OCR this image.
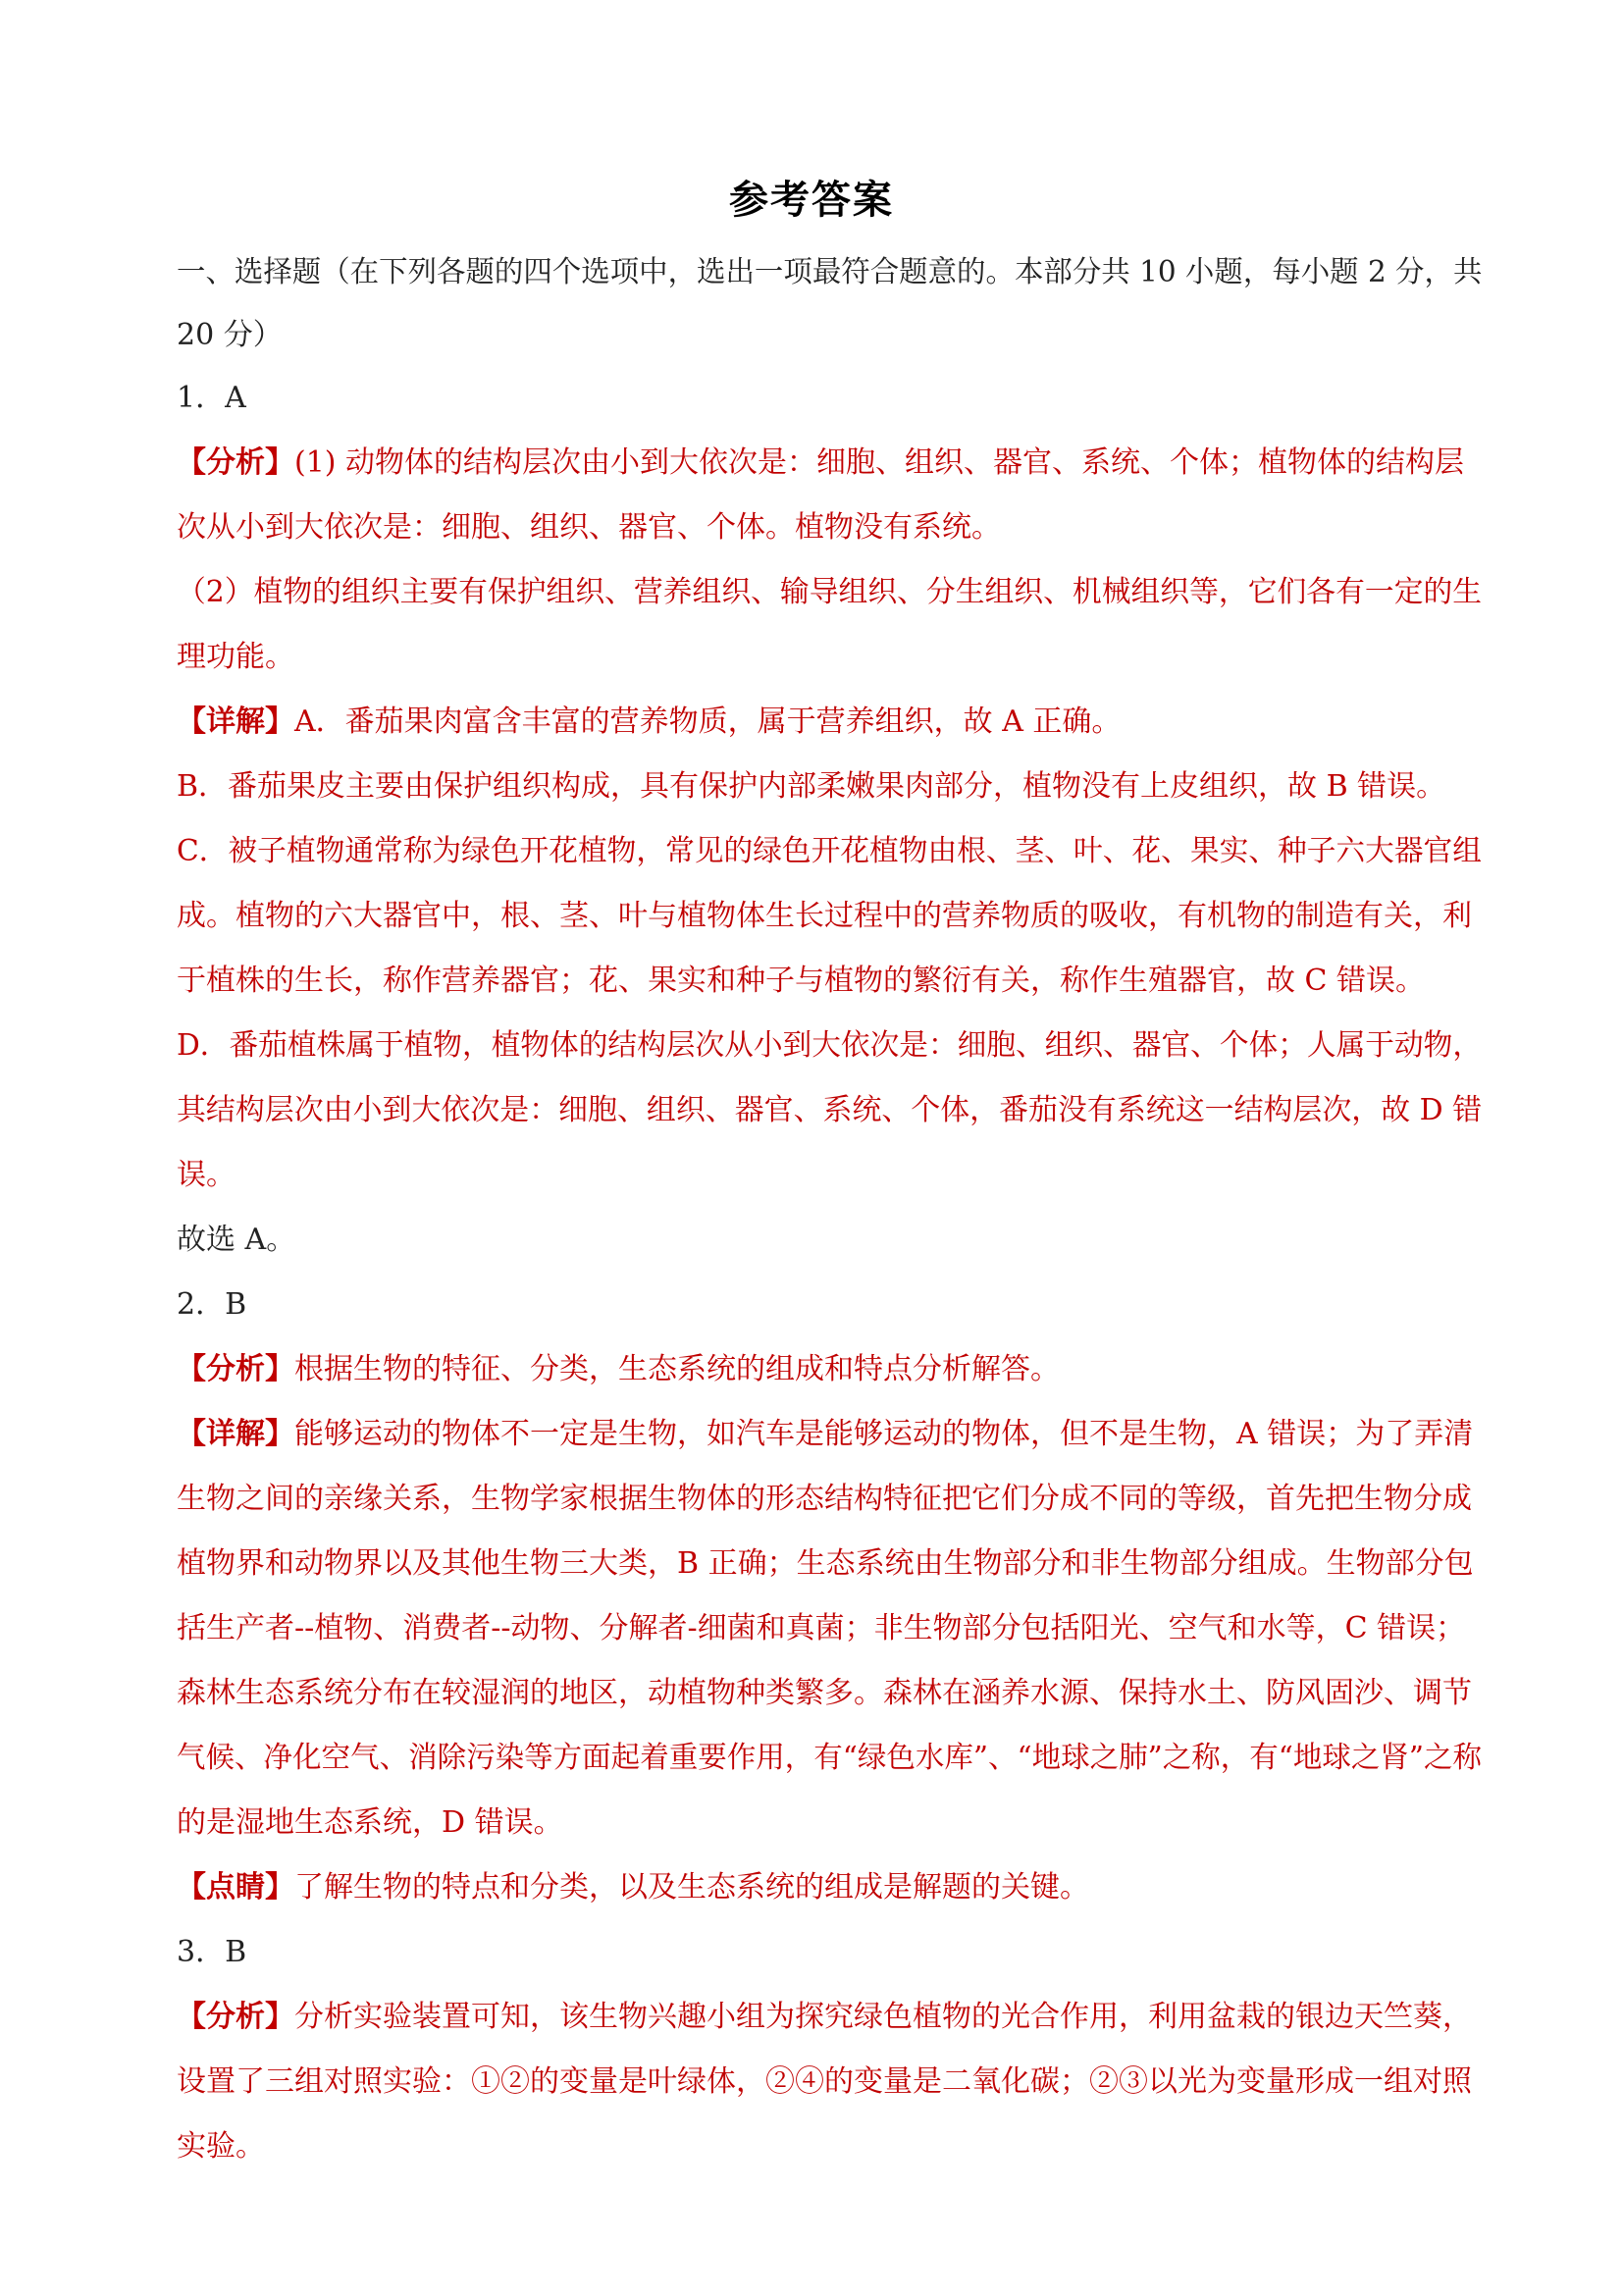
参考答案
一、选择题（在下列各题的四个选项中，选出一项最符合题意的。本部分共 10 小题，每小题 2 分，共
20 分）
1．A
【分析】(1) 动物体的结构层次由小到大依次是：细胞、组织、器官、系统、个体；植物体的结构层
次从小到大依次是：细胞、组织、器官、个体。植物没有系统。
（2）植物的组织主要有保护组织、营养组织、输导组织、分生组织、机械组织等，它们各有一定的生
理功能。
【详解】A．番茄果肉富含丰富的营养物质，属于营养组织，故 A 正确。
B．番茄果皮主要由保护组织构成，具有保护内部柔嫩果肉部分，植物没有上皮组织，故 B 错误。
C．被子植物通常称为绿色开花植物，常见的绿色开花植物由根、茎、叶、花、果实、种子六大器官组
成。植物的六大器官中，根、茎、叶与植物体生长过程中的营养物质的吸收，有机物的制造有关，利
于植株的生长，称作营养器官；花、果实和种子与植物的繁衍有关，称作生殖器官，故 C 错误。
D．番茄植株属于植物，植物体的结构层次从小到大依次是：细胞、组织、器官、个体；人属于动物，
其结构层次由小到大依次是：细胞、组织、器官、系统、个体，番茄没有系统这一结构层次，故 D 错
误。
故选 A。
2．B
【分析】根据生物的特征、分类，生态系统的组成和特点分析解答。
【详解】能够运动的物体不一定是生物，如汽车是能够运动的物体，但不是生物，A 错误；为了弄清
生物之间的亲缘关系，生物学家根据生物体的形态结构特征把它们分成不同的等级，首先把生物分成
植物界和动物界以及其他生物三大类，B 正确；生态系统由生物部分和非生物部分组成。生物部分包
括生产者--植物、消费者--动物、分解者-细菌和真菌；非生物部分包括阳光、空气和水等，C 错误；
森林生态系统分布在较湿润的地区，动植物种类繁多。森林在涵养水源、保持水土、防风固沙、调节
气候、净化空气、消除污染等方面起着重要作用，有“绿色水库”、“地球之肺”之称，有“地球之肾”之称
的是湿地生态系统，D 错误。
【点睛】了解生物的特点和分类，以及生态系统的组成是解题的关键。
3．B
【分析】分析实验装置可知，该生物兴趣小组为探究绿色植物的光合作用，利用盆栽的银边天竺葵，
设置了三组对照实验：①②的变量是叶绿体，②④的变量是二氧化碳；②③以光为变量形成一组对照
实验。
